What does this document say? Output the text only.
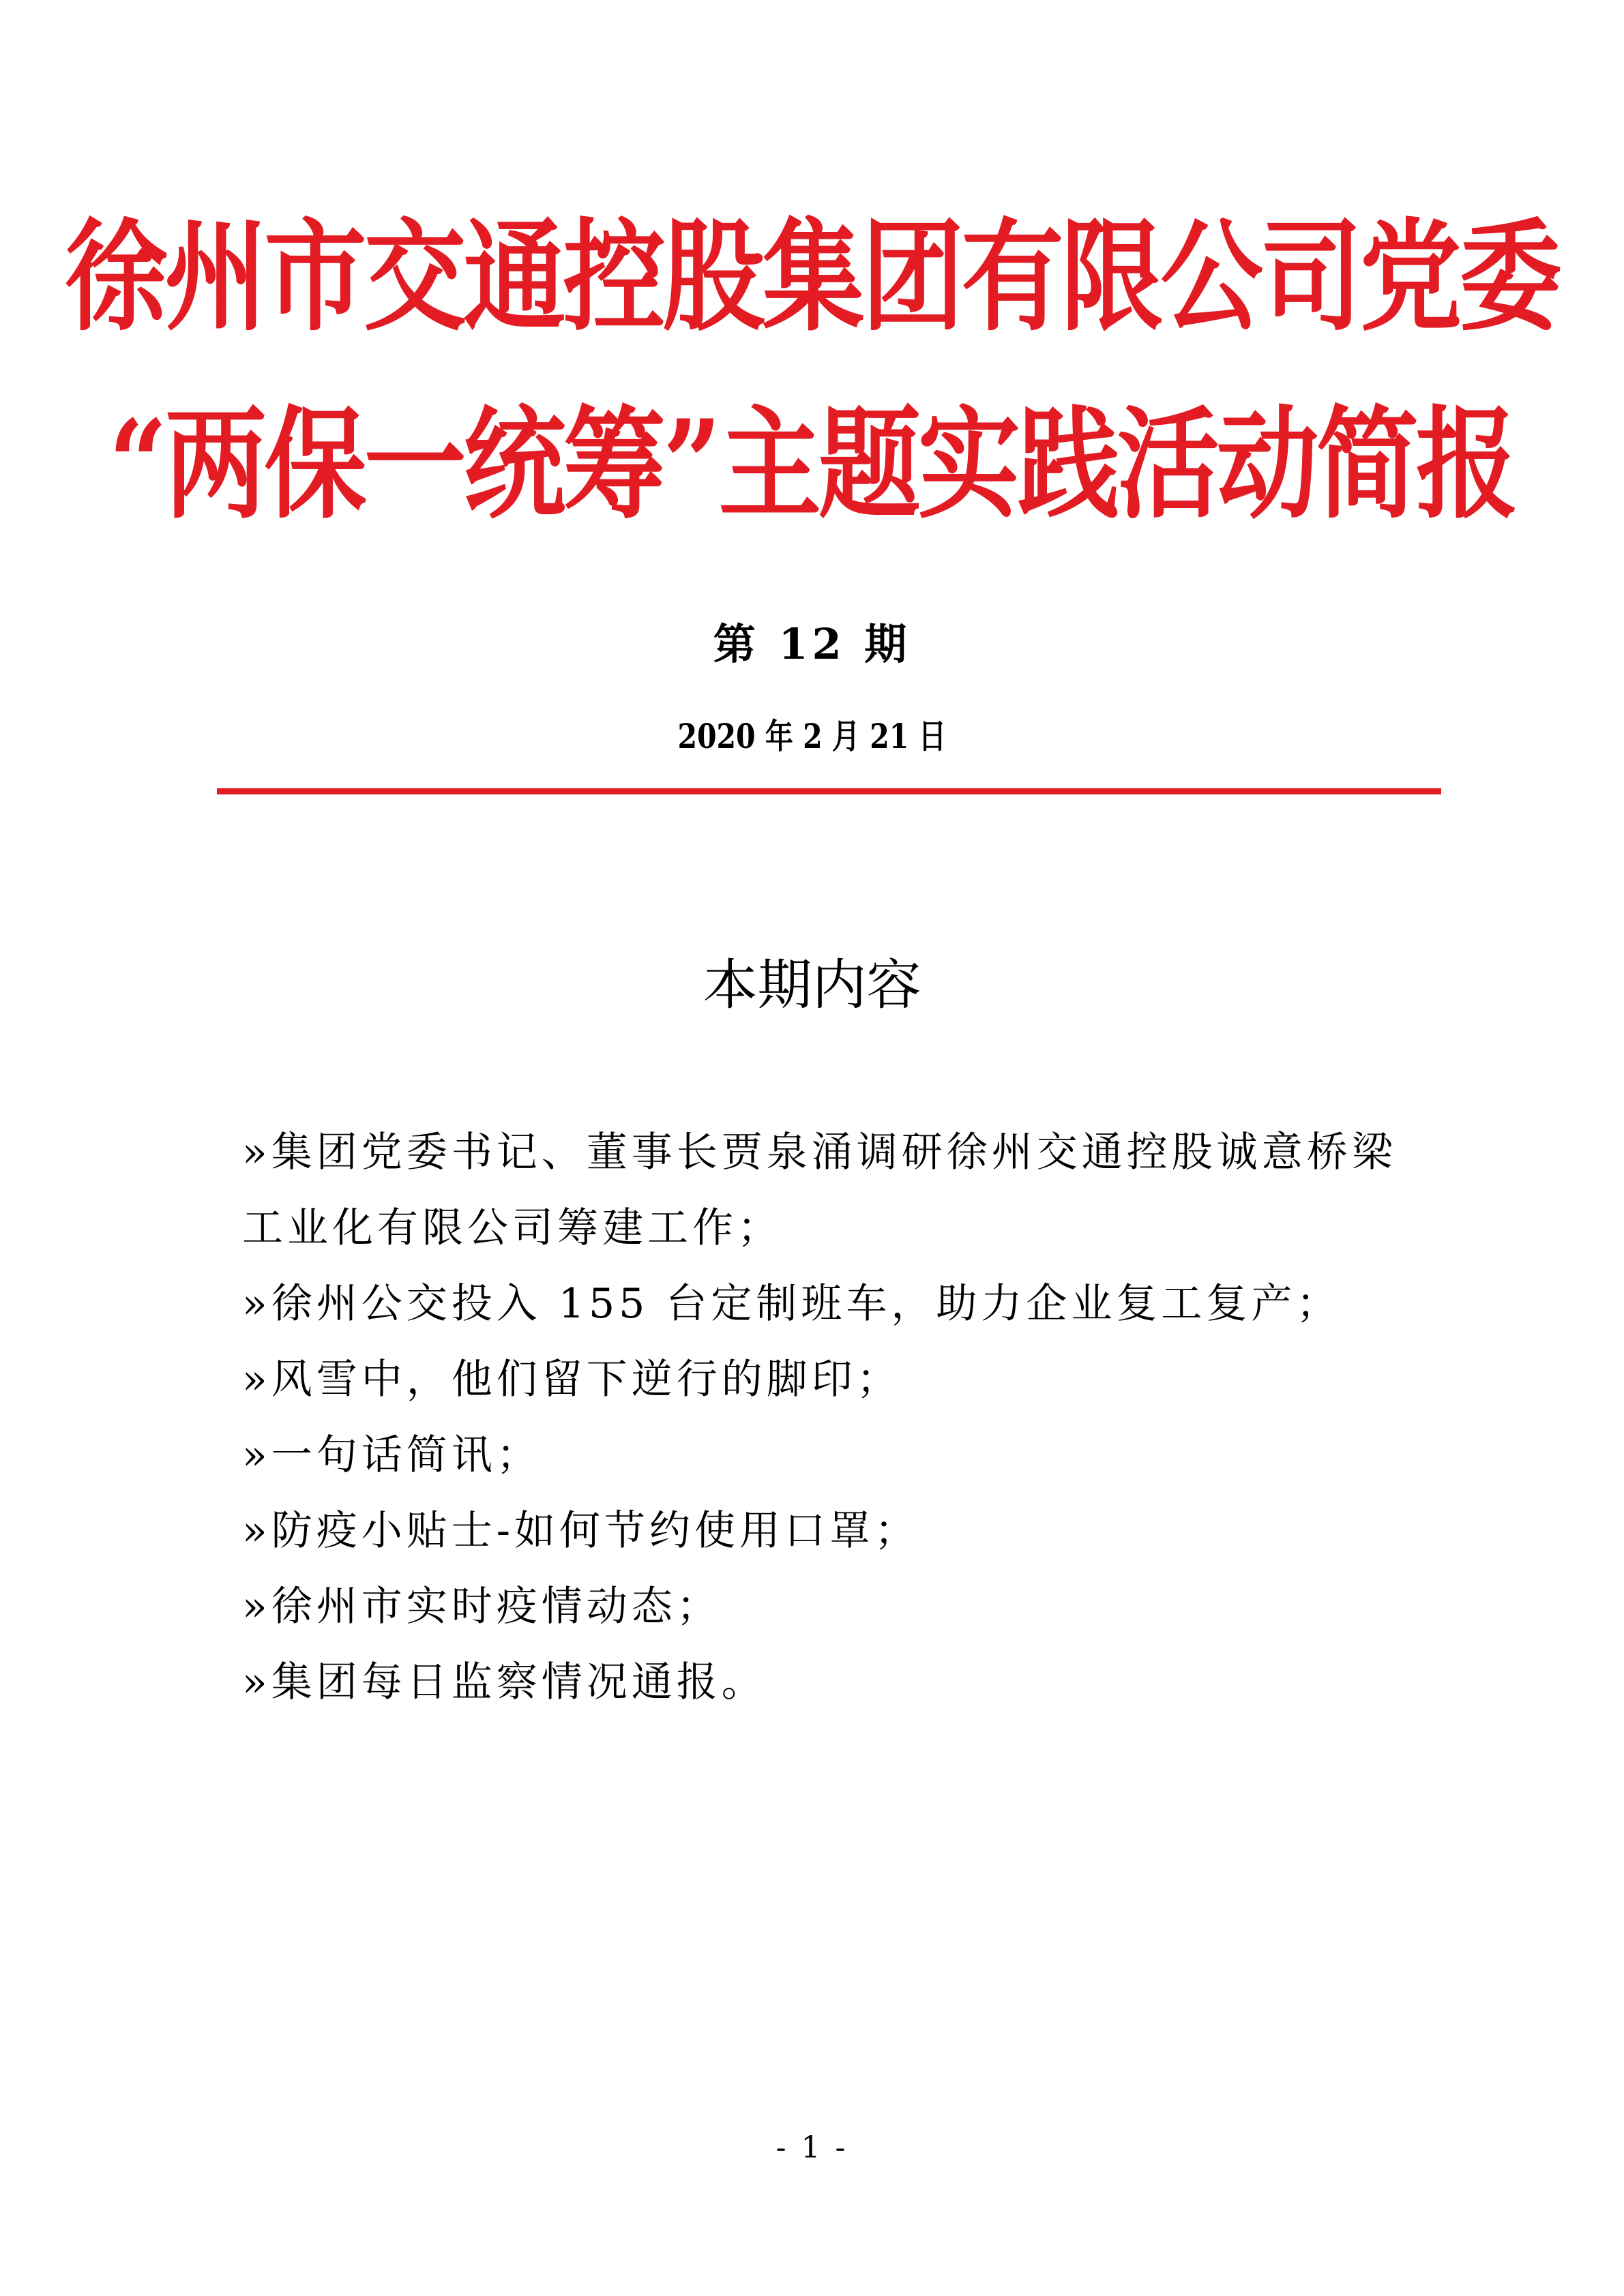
徐州市交通控股集团有限公司党委
“两保一统筹”主题实践活动简报
第 12 期
2020 年 2 月 21 日
本期内容
»集团党委书记、董事长贾泉涌调研徐州交通控股诚意桥梁工业化有限公司筹建工作；
»徐州公交投入 155 台定制班车，助力企业复工复产；
»风雪中，他们留下逆行的脚印；
»一句话简讯；
»防疫小贴士-如何节约使用口罩；
»徐州市实时疫情动态；
»集团每日监察情况通报。
- 1 -
